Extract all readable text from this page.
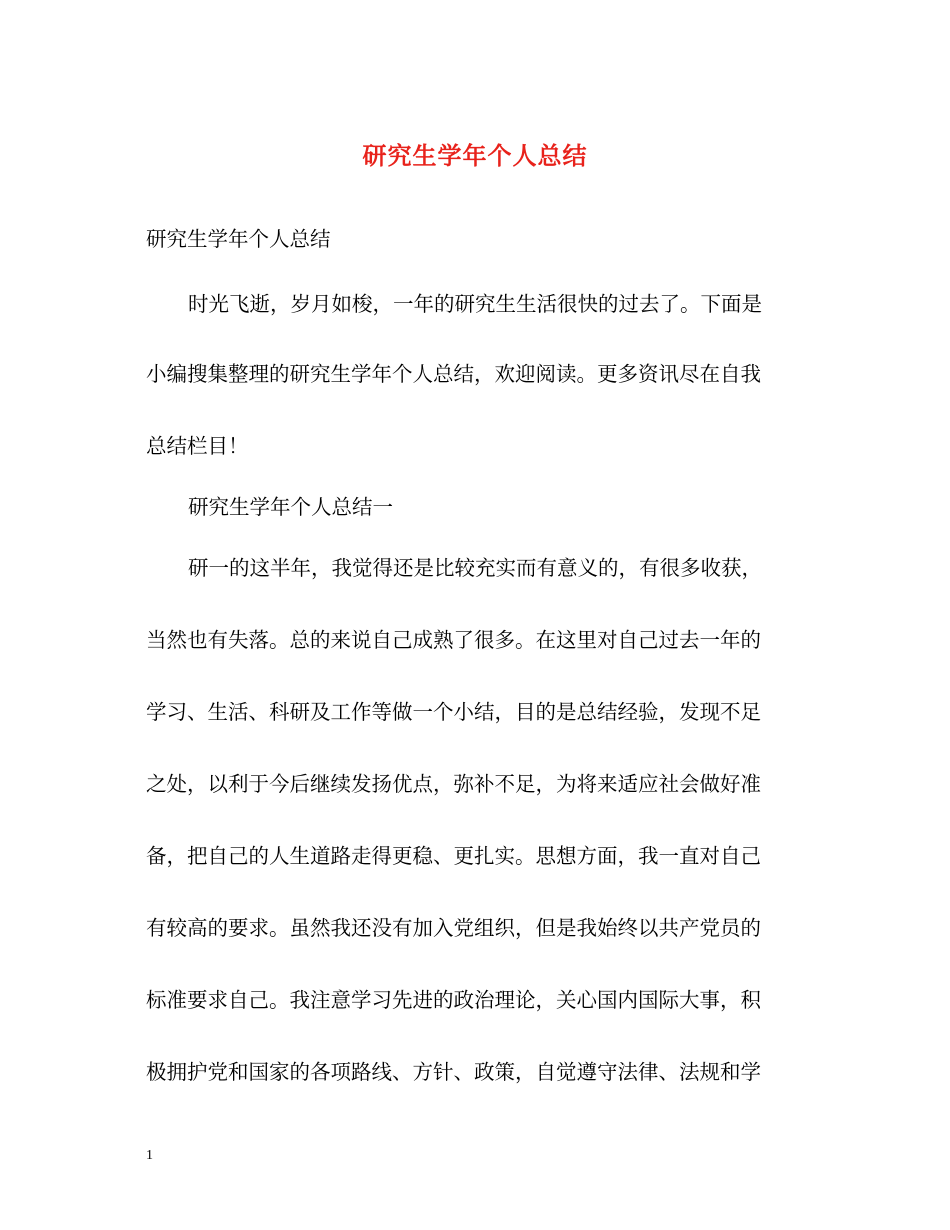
研究生学年个人总结
研究生学年个人总结
时光飞逝，岁月如梭，一年的研究生生活很快的过去了。下面是
小编搜集整理的研究生学年个人总结，欢迎阅读。更多资讯尽在自我
总结栏目！
研究生学年个人总结一
研一的这半年，我觉得还是比较充实而有意义的，有很多收获，
当然也有失落。总的来说自己成熟了很多。在这里对自己过去一年的
学习、生活、科研及工作等做一个小结，目的是总结经验，发现不足
之处，以利于今后继续发扬优点，弥补不足，为将来适应社会做好准
备，把自己的人生道路走得更稳、更扎实。思想方面，我一直对自己
有较高的要求。虽然我还没有加入党组织，但是我始终以共产党员的
标准要求自己。我注意学习先进的政治理论，关心国内国际大事，积
极拥护党和国家的各项路线、方针、政策，自觉遵守法律、法规和学
1
